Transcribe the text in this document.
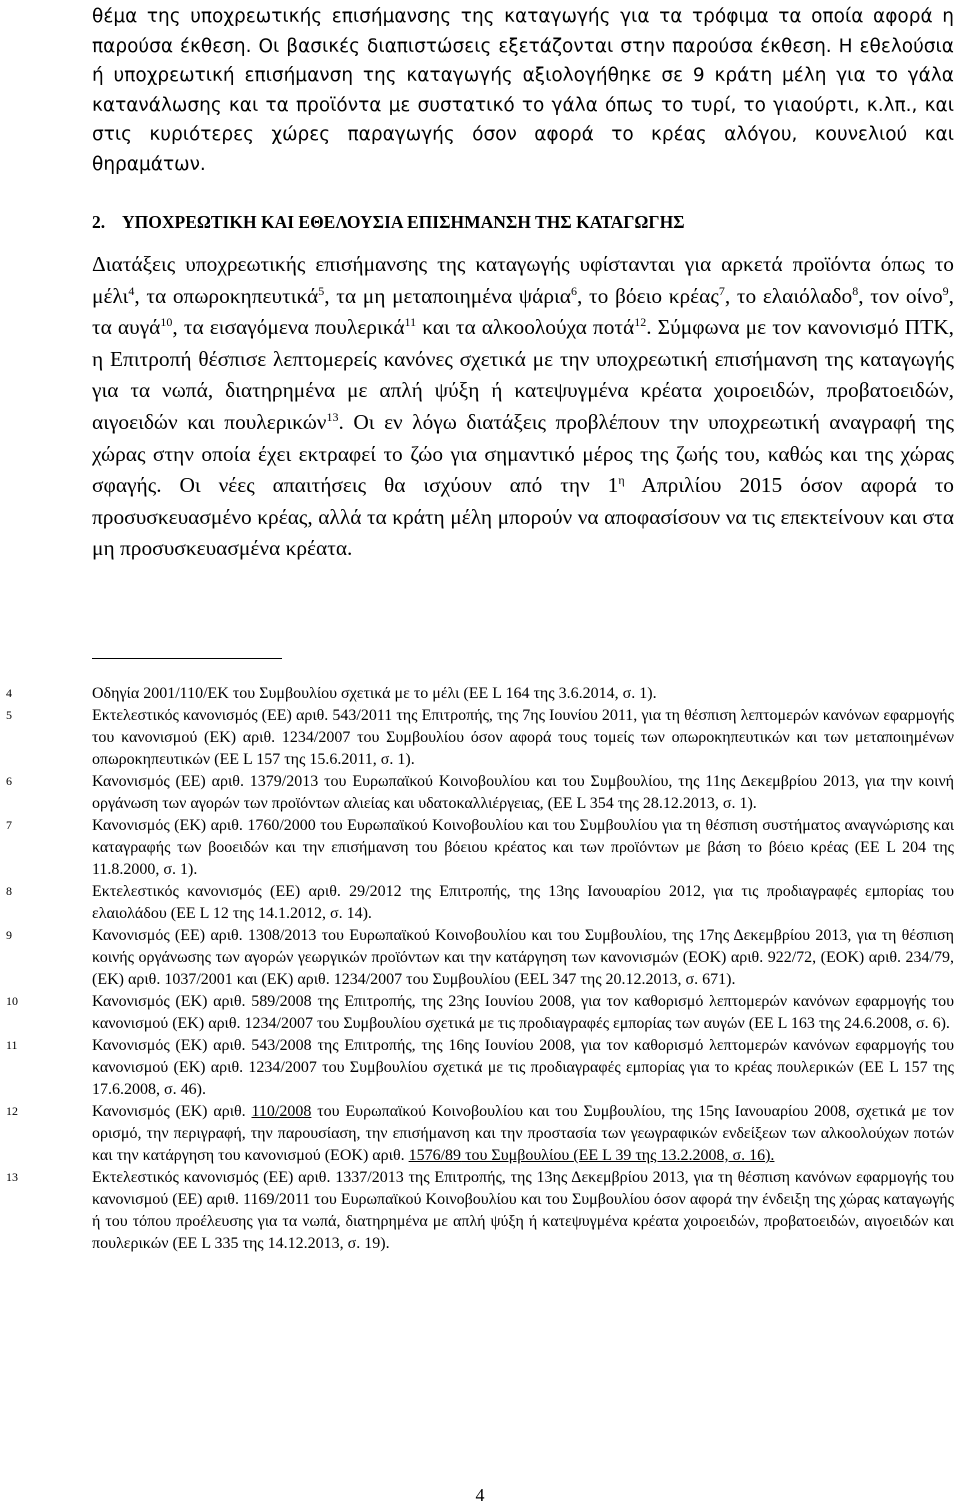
θέμα της υποχρεωτικής επισήμανσης της καταγωγής για τα τρόφιμα τα οποία αφορά η παρούσα έκθεση. Οι βασικές διαπιστώσεις εξετάζονται στην παρούσα έκθεση. Η εθελούσια ή υποχρεωτική επισήμανση της καταγωγής αξιολογήθηκε σε 9 κράτη μέλη για το γάλα κατανάλωσης και τα προϊόντα με συστατικό το γάλα όπως το τυρί, το γιαούρτι, κ.λπ., και στις κυριότερες χώρες παραγωγής όσον αφορά το κρέας αλόγου, κουνελιού και θηραμάτων.

2. ΥΠΟΧΡΕΩΤΙΚΗ ΚΑΙ ΕΘΕΛΟΥΣΙΑ ΕΠΙΣΗΜΑΝΣΗ ΤΗΣ ΚΑΤΑΓΩΓΗΣ

Διατάξεις υποχρεωτικής επισήμανσης της καταγωγής υφίστανται για αρκετά προϊόντα όπως το μέλι$^4$, τα οπωροκηπευτικά$^5$, τα μη μεταποιημένα ψάρια$^6$, το βόειο κρέας$^7$, το ελαιόλαδο$^8$, τον οίνο$^9$, τα αυγά$^{10}$, τα εισαγόμενα πουλερικά$^{11}$ και τα αλκοολούχα ποτά$^{12}$. Σύμφωνα με τον κανονισμό ΠΤΚ, η Επιτροπή θέσπισε λεπτομερείς κανόνες σχετικά με την υποχρεωτική επισήμανση της καταγωγής για τα νωπά, διατηρημένα με απλή ψύξη ή κατεψυγμένα κρέατα χοιροειδών, προβατοειδών, αιγοειδών και πουλερικών$^{13}$. Οι εν λόγω διατάξεις προβλέπουν την υποχρεωτική αναγραφή της χώρας στην οποία έχει εκτραφεί το ζώο για σημαντικό μέρος της ζωής του, καθώς και της χώρας σφαγής. Οι νέες απαιτήσεις θα ισχύουν από την $1^\eta$ Απριλίου 2015 όσον αφορά το προσυσκευασμένο κρέας, αλλά τα κράτη μέλη μπορούν να αποφασίσουν να τις επεκτείνουν και στα μη προσυσκευασμένα κρέατα.

4	Οδηγία 2001/110/ΕΚ του Συμβουλίου σχετικά με το μέλι (ΕΕ L 164 της 3.6.2014, σ. 1).

5	Εκτελεστικός κανονισμός (ΕΕ) αριθ. 543/2011 της Επιτροπής, της 7ης Ιουνίου 2011, για τη θέσπιση λεπτομερών κανόνων εφαρμογής του κανονισμού (ΕΚ) αριθ. 1234/2007 του Συμβουλίου όσον αφορά τους τομείς των οπωροκηπευτικών και των μεταποιημένων οπωροκηπευτικών (ΕΕ L 157 της 15.6.2011, σ. 1).

6	Κανονισμός (ΕΕ) αριθ. 1379/2013 του Ευρωπαϊκού Κοινοβουλίου και του Συμβουλίου, της 11ης Δεκεμβρίου 2013, για την κοινή οργάνωση των αγορών των προϊόντων αλιείας και υδατοκαλλιέργειας, (ΕΕ L 354 της 28.12.2013, σ. 1).

7	Κανονισμός (ΕΚ) αριθ. 1760/2000 του Ευρωπαϊκού Κοινοβουλίου και του Συμβουλίου για τη θέσπιση συστήματος αναγνώρισης και καταγραφής των βοοειδών και την επισήμανση του βόειου κρέατος και των προϊόντων με βάση το βόειο κρέας (ΕΕ L 204 της 11.8.2000, σ. 1).

8	Εκτελεστικός κανονισμός (ΕΕ) αριθ. 29/2012 της Επιτροπής, της 13ης Ιανουαρίου 2012, για τις προδιαγραφές εμπορίας του ελαιολάδου (ΕΕ L 12 της 14.1.2012, σ. 14).

9	Κανονισμός (ΕΕ) αριθ. 1308/2013 του Ευρωπαϊκού Κοινοβουλίου και του Συμβουλίου, της 17ης Δεκεμβρίου 2013, για τη θέσπιση κοινής οργάνωσης των αγορών γεωργικών προϊόντων και την κατάργηση των κανονισμών (ΕΟΚ) αριθ. 922/72, (ΕΟΚ) αριθ. 234/79, (ΕΚ) αριθ. 1037/2001 και (ΕΚ) αριθ. 1234/2007 του Συμβουλίου (ΕΕL 347 της 20.12.2013, σ. 671).

10	Κανονισμός (ΕΚ) αριθ. 589/2008 της Επιτροπής, της 23ης Ιουνίου 2008, για τον καθορισμό λεπτομερών κανόνων εφαρμογής του κανονισμού (ΕΚ) αριθ. 1234/2007 του Συμβουλίου σχετικά με τις προδιαγραφές εμπορίας των αυγών (ΕΕ L 163 της 24.6.2008, σ. 6).

11	Κανονισμός (ΕΚ) αριθ. 543/2008 της Επιτροπής, της 16ης Ιουνίου 2008, για τον καθορισμό λεπτομερών κανόνων εφαρμογής του κανονισμού (ΕΚ) αριθ. 1234/2007 του Συμβουλίου σχετικά με τις προδιαγραφές εμπορίας για το κρέας πουλερικών (ΕΕ L 157 της 17.6.2008, σ. 46).

12	Κανονισμός (ΕΚ) αριθ. 110/2008 του Ευρωπαϊκού Κοινοβουλίου και του Συμβουλίου, της 15ης Ιανουαρίου 2008, σχετικά με τον ορισμό, την περιγραφή, την παρουσίαση, την επισήμανση και την προστασία των γεωγραφικών ενδείξεων των αλκοολούχων ποτών και την κατάργηση του κανονισμού (ΕΟΚ) αριθ. 1576/89 του Συμβουλίου (ΕΕ L 39 της 13.2.2008, σ. 16).

13	Εκτελεστικός κανονισμός (ΕΕ) αριθ. 1337/2013 της Επιτροπής, της 13ης Δεκεμβρίου 2013, για τη θέσπιση κανόνων εφαρμογής του κανονισμού (ΕΕ) αριθ. 1169/2011 του Ευρωπαϊκού Κοινοβουλίου και του Συμβουλίου όσον αφορά την ένδειξη της χώρας καταγωγής ή του τόπου προέλευσης για τα νωπά, διατηρημένα με απλή ψύξη ή κατεψυγμένα κρέατα χοιροειδών, προβατοειδών, αιγοειδών και πουλερικών (ΕΕ L 335 της 14.12.2013, σ. 19).

4
